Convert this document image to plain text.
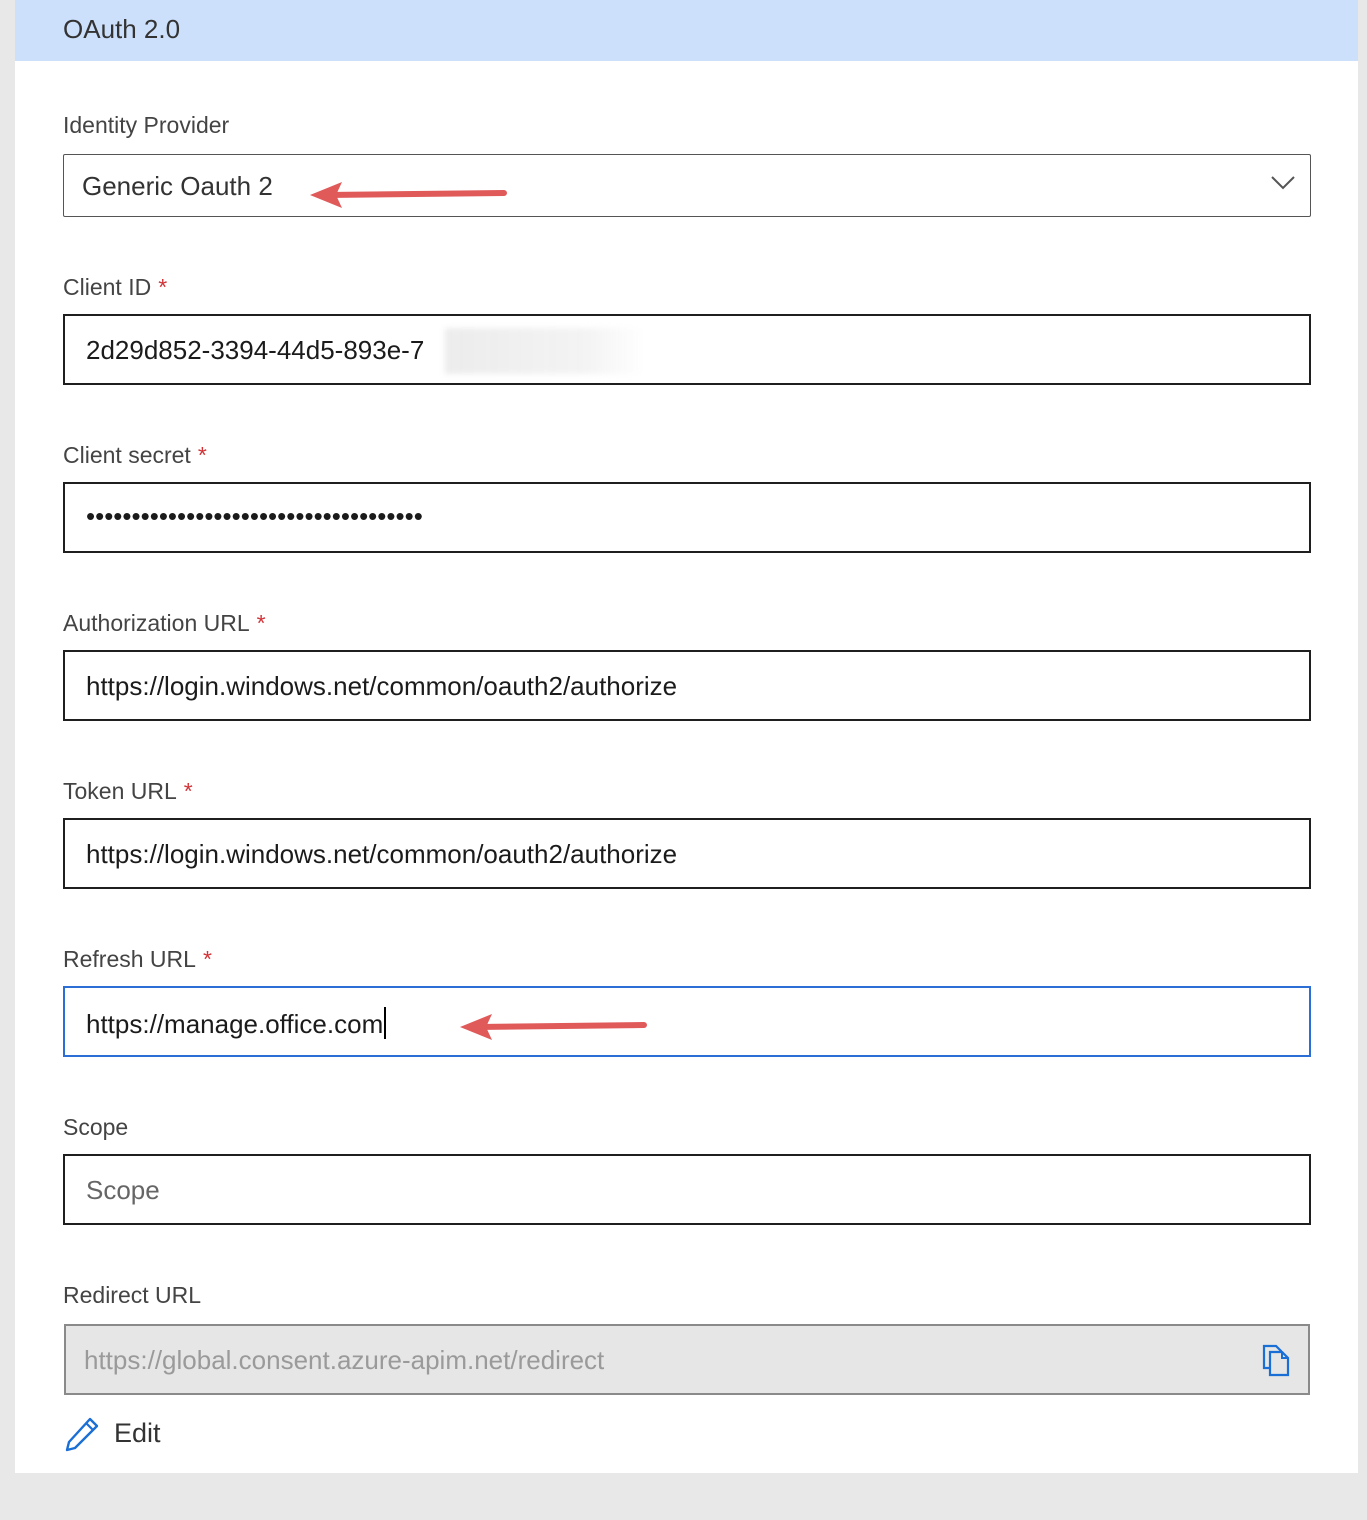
OAuth 2.0
Identity Provider
Generic Oauth 2
Client ID *
2d29d852-3394-44d5-893e-7
Client secret *
•••••••••••••••••••••••••••••••••••••
Authorization URL *
https://login.windows.net/common/oauth2/authorize
Token URL *
https://login.windows.net/common/oauth2/authorize
Refresh URL *
https://manage.office.com
Scope
Scope
Redirect URL
https://global.consent.azure-apim.net/redirect
Edit
